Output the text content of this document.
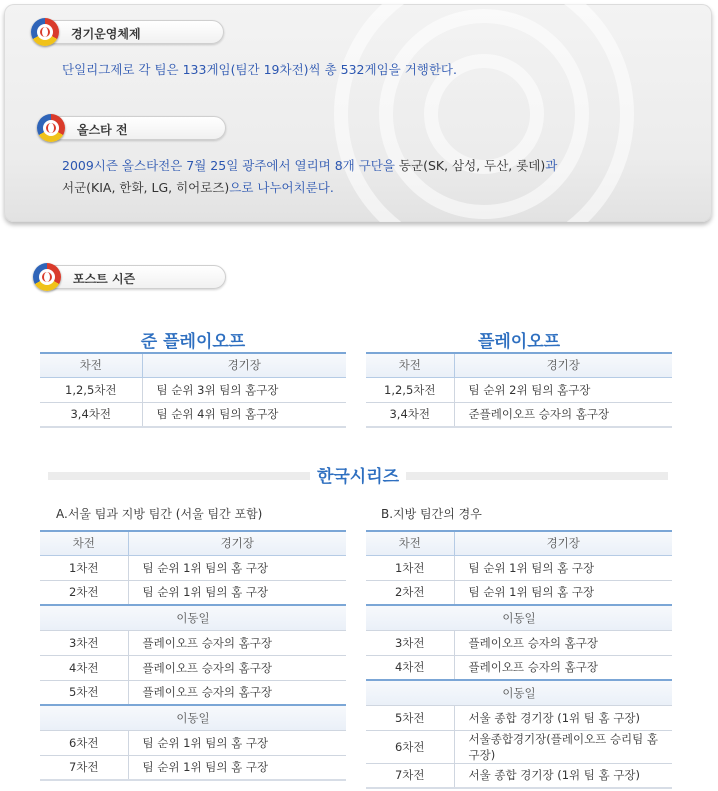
경기운영체제
단일리그제로 각 팀은 133게임(팀간 19차전)씩 총 532게임을 거행한다.
올스타 전
2009시즌 올스타전은 7월 25일 광주에서 열리며 8개 구단을 동군(SK, 삼성, 두산, 롯데)과
서군(KIA, 한화, LG, 히어로즈)으로 나누어치룬다.
포스트 시즌
준 플레이오프
차전	경기장
1,2,5차전	팀 순위 3위 팀의 홈구장
3,4차전	팀 순위 4위 팀의 홈구장
플레이오프
차전	경기장
1,2,5차전	팀 순위 2위 팀의 홈구장
3,4차전	준플레이오프 승자의 홈구장
한국시리즈
A.서울 팀과 지방 팀간 (서울 팀간 포함)	B.지방 팀간의 경우
차전	경기장
1차전	팀 순위 1위 팀의 홈 구장
2차전	팀 순위 1위 팀의 홈 구장
이동일	
3차전	플레이오프 승자의 홈구장
4차전	플레이오프 승자의 홈구장
5차전	플레이오프 승자의 홈구장
이동일	
6차전	팀 순위 1위 팀의 홈 구장
7차전	팀 순위 1위 팀의 홈 구장
차전	경기장
1차전	팀 순위 1위 팀의 홈 구장
2차전	팀 순위 1위 팀의 홈 구장
이동일	
3차전	플레이오프 승자의 홈구장
4차전	플레이오프 승자의 홈구장
이동일	
5차전	서울 종합 경기장 (1위 팀 홈 구장)
6차전	서울종합경기장(플레이오프 승리팀 홈 구장)
7차전	서울 종합 경기장 (1위 팀 홈 구장)
